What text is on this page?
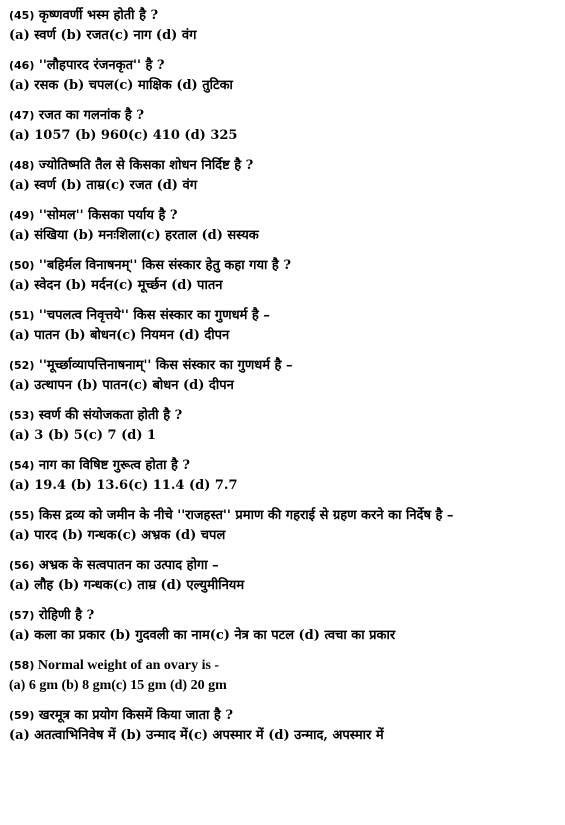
(45) कृष्णवर्णी भस्म होती है ?
(a) स्वर्ण (b) रजत(c) नाग (d) वंग
(46) ''लौहपारद रंजनकृत'' है ?
(a) रसक (b) चपल(c) माक्षिक (d) तुटिका
(47) रजत का गलनांक है ?
(a) 1057 (b) 960(c) 410 (d) 325
(48) ज्योतिष्मति तैल से किसका शोधन निर्दिष्ट है ?
(a) स्वर्ण (b) ताम्र(c) रजत (d) वंग
(49) ''सोमल'' किसका पर्याय है ?
(a) संखिया (b) मनःशिला(c) हरताल (d) सस्यक
(50) ''बहिर्मल विनाषनम्'' किस संस्कार हेतु कहा गया है ?
(a) स्वेदन (b) मर्दन(c) मूर्च्छन (d) पातन
(51) ''चपलत्व निवृत्तये'' किस संस्कार का गुणधर्म है –
(a) पातन (b) बोधन(c) नियमन (d) दीपन
(52) ''मूर्च्छाव्यापत्तिनाषनाम्'' किस संस्कार का गुणधर्म है –
(a) उत्थापन (b) पातन(c) बोधन (d) दीपन
(53) स्वर्ण की संयोजकता होती है ?
(a) 3 (b) 5(c) 7 (d) 1
(54) नाग का विषिष्ट गुरूत्व होता है ?
(a) 19.4 (b) 13.6(c) 11.4 (d) 7.7
(55) किस द्रव्य को जमीन के नीचे ''राजहस्त'' प्रमाण की गहराई से ग्रहण करने का निर्देष है –
(a) पारद (b) गन्धक(c) अभ्रक (d) चपल
(56) अभ्रक के सत्वपातन का उत्पाद होगा –
(a) लौह (b) गन्धक(c) ताम्र (d) एल्युमीनियम
(57) रोहिणी है ?
(a) कला का प्रकार (b) गुदवली का नाम(c) नेत्र का पटल (d) त्वचा का प्रकार
(58) Normal weight of an ovary is -
(a) 6 gm (b) 8 gm(c) 15 gm (d) 20 gm
(59) खरमूत्र का प्रयोग किसमें किया जाता है ?
(a) अतत्वाभिनिवेष में (b) उन्माद में(c) अपस्मार में (d) उन्माद, अपस्मार में
